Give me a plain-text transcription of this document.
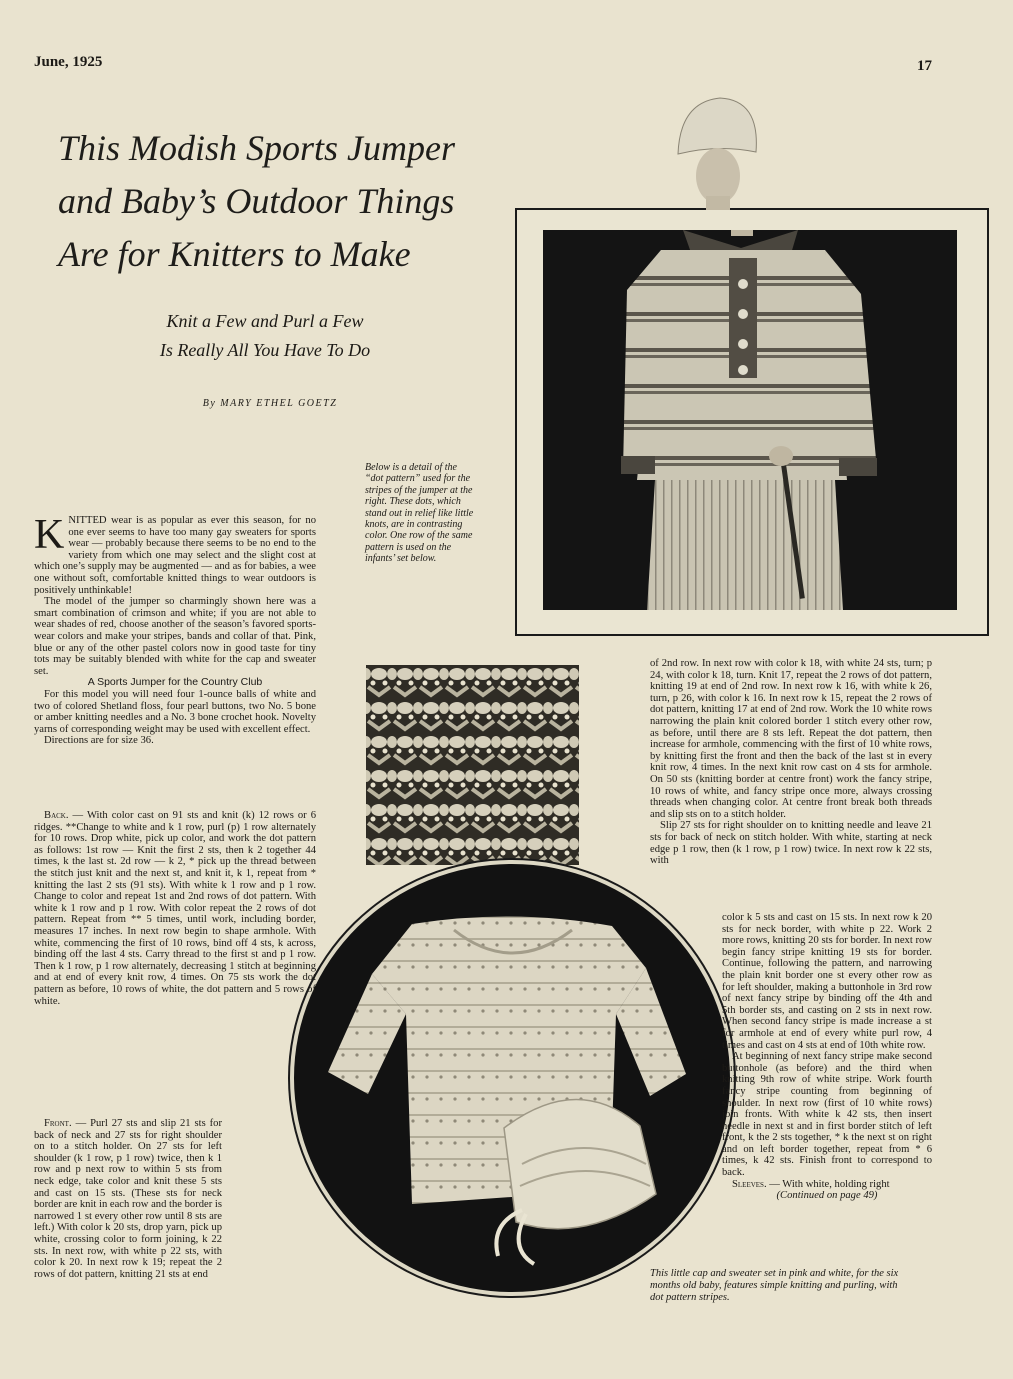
June, 1925	17
This Modish Sports Jumper
and Baby’s Outdoor Things
Are for Knitters to Make
Knit a Few and Purl a Few
Is Really All You Have To Do
By MARY ETHEL GOETZ
Below is a detail of the “dot pattern” used for the stripes of the jumper at the right. These dots, which stand out in relief like little knots, are in contrasting color. One row of the same pattern is used on the infants’ set below.
This little cap and sweater set in pink and white, for the six months old baby, features simple knitting and purling, with dot pattern stripes.

KNITTED wear is as popular as ever this season, for no one ever seems to have too many gay sweaters for sports wear — probably because there seems to be no end to the variety from which one may select and the slight cost at which one’s supply may be augmented — and as for babies, a wee one without soft, comfortable knitted things to wear outdoors is positively unthinkable!

The model of the jumper so charmingly shown here was a smart combination of crimson and white; if you are not able to wear shades of red, choose another of the season’s favored sports-wear colors and make your stripes, bands and collar of that. Pink, blue or any of the other pastel colors now in good taste for tiny tots may be suitably blended with white for the cap and sweater set.

A Sports Jumper for the Country Club

For this model you will need four 1-ounce balls of white and two of colored Shetland floss, four pearl buttons, two No. 5 bone or amber knitting needles and a No. 3 bone crochet hook. Novelty yarns of corresponding weight may be used with excellent effect.

Directions are for size 36.

Back. — With color cast on 91 sts and knit (k) 12 rows or 6 ridges. **Change to white and k 1 row, purl (p) 1 row alternately for 10 rows. Drop white, pick up color, and work the dot pattern as follows: 1st row — Knit the first 2 sts, then k 2 together 44 times, k the last st. 2d row — k 2, * pick up the thread between the stitch just knit and the next st, and knit it, k 1, repeat from * knitting the last 2 sts (91 sts). With white k 1 row and p 1 row. Change to color and repeat 1st and 2nd rows of dot pattern. With white k 1 row and p 1 row. With color repeat the 2 rows of dot pattern. Repeat from ** 5 times, until work, including border, measures 17 inches. In next row begin to shape armhole. With white, commencing the first of 10 rows, bind off 4 sts, k across, binding off the last 4 sts. Carry thread to the first st and p 1 row. Then k 1 row, p 1 row alternately, decreasing 1 stitch at beginning and at end of every knit row, 4 times. On 75 sts work the dot pattern as before, 10 rows of white, the dot pattern and 5 rows of white.

Front. — Purl 27 sts and slip 21 sts for back of neck and 27 sts for right shoulder on to a stitch holder. On 27 sts for left shoulder (k 1 row, p 1 row) twice, then k 1 row and p next row to within 5 sts from neck edge, take color and knit these 5 sts and cast on 15 sts. (These sts for neck border are knit in each row and the border is narrowed 1 st every other row until 8 sts are left.) With color k 20 sts, drop yarn, pick up white, crossing color to form joining, k 22 sts. In next row, with white p 22 sts, with color k 20. In next row k 19; repeat the 2 rows of dot pattern, knitting 21 sts at end

of 2nd row. In next row with color k 18, with white 24 sts, turn; p 24, with color k 18, turn. Knit 17, repeat the 2 rows of dot pattern, knitting 19 at end of 2nd row. In next row k 16, with white k 26, turn, p 26, with color k 16. In next row k 15, repeat the 2 rows of dot pattern, knitting 17 at end of 2nd row. Work the 10 white rows narrowing the plain knit colored border 1 stitch every other row, as before, until there are 8 sts left. Repeat the dot pattern, then increase for armhole, commencing with the first of 10 white rows, by knitting first the front and then the back of the last st in every knit row, 4 times. In the next knit row cast on 4 sts for armhole. On 50 sts (knitting border at centre front) work the fancy stripe, 10 rows of white, and fancy stripe once more, always crossing threads when changing color. At centre front break both threads and slip sts on to a stitch holder.

Slip 27 sts for right shoulder on to knitting needle and leave 21 sts for back of neck on stitch holder. With white, starting at neck edge p 1 row, then (k 1 row, p 1 row) twice. In next row k 22 sts, with

color k 5 sts and cast on 15 sts. In next row k 20 sts for neck border, with white p 22. Work 2 more rows, knitting 20 sts for border. In next row begin fancy stripe knitting 19 sts for border. Continue, following the pattern, and narrowing the plain knit border one st every other row as for left shoulder, making a buttonhole in 3rd row of next fancy stripe by binding off the 4th and 5th border sts, and casting on 2 sts in next row. When second fancy stripe is made increase a st for armhole at end of every white purl row, 4 times and cast on 4 sts at end of 10th white row.

At beginning of next fancy stripe make second buttonhole (as before) and the third when knitting 9th row of white stripe. Work fourth fancy stripe counting from beginning of shoulder. In next row (first of 10 white rows) join fronts. With white k 42 sts, then insert needle in next st and in first border stitch of left front, k the 2 sts together, * k the next st on right and on left border together, repeat from * 6 times, k 42 sts. Finish front to correspond to back.

Sleeves. — With white, holding right

(Continued on page 49)
